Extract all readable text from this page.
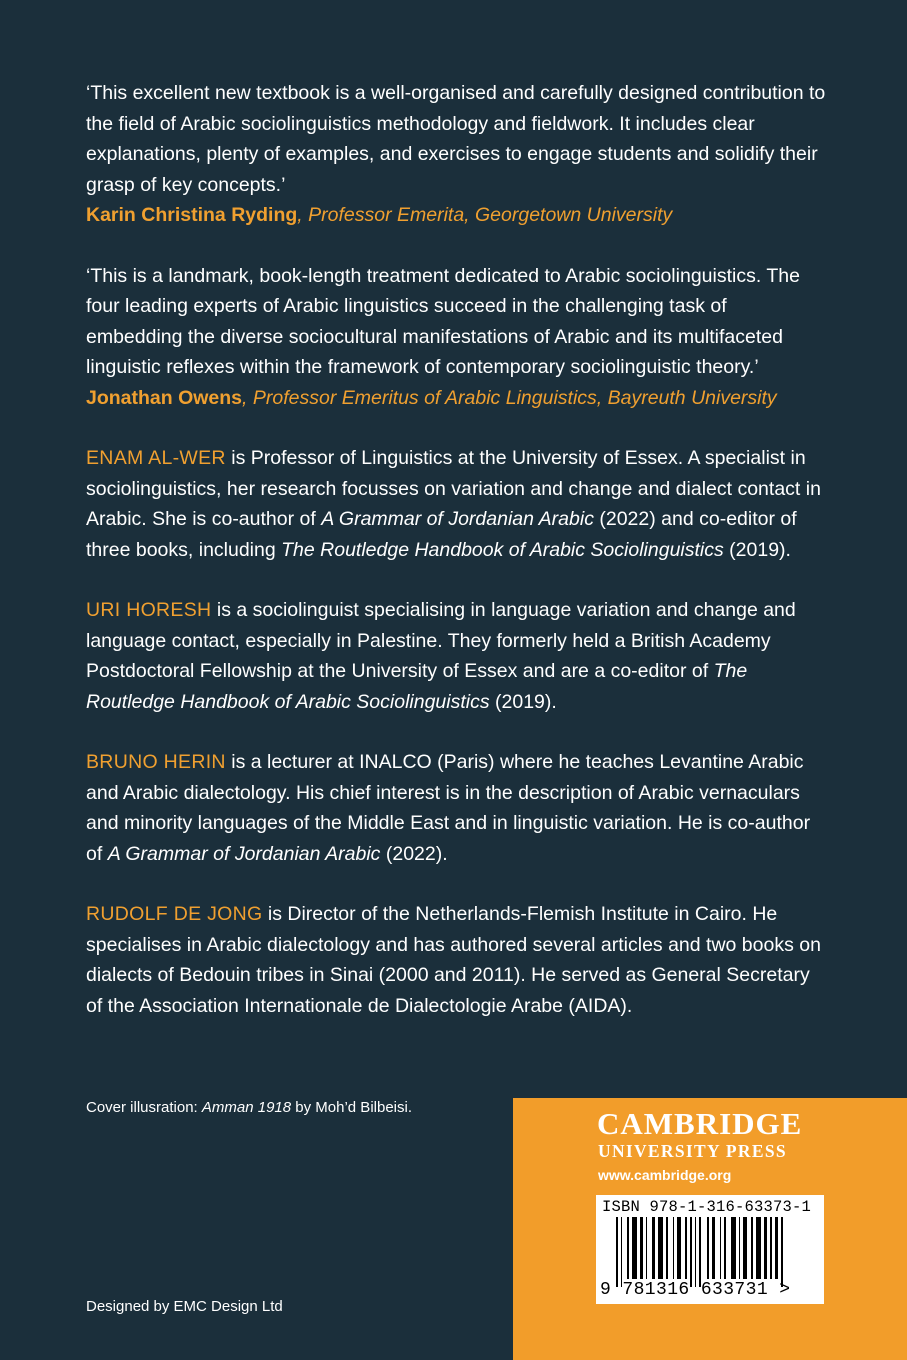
‘This excellent new textbook is a well-organised and carefully designed contribution to the field of Arabic sociolinguistics methodology and fieldwork. It includes clear explanations, plenty of examples, and exercises to engage students and solidify their grasp of key concepts.’
Karin Christina Ryding, Professor Emerita, Georgetown University

‘This is a landmark, book-length treatment dedicated to Arabic sociolinguistics. The four leading experts of Arabic linguistics succeed in the challenging task of embedding the diverse sociocultural manifestations of Arabic and its multifaceted linguistic reflexes within the framework of contemporary sociolinguistic theory.’
Jonathan Owens, Professor Emeritus of Arabic Linguistics, Bayreuth University

ENAM AL-WER is Professor of Linguistics at the University of Essex. A specialist in sociolinguistics, her research focusses on variation and change and dialect contact in Arabic. She is co-author of A Grammar of Jordanian Arabic (2022) and co-editor of three books, including The Routledge Handbook of Arabic Sociolinguistics (2019).

URI HORESH is a sociolinguist specialising in language variation and change and language contact, especially in Palestine. They formerly held a British Academy Postdoctoral Fellowship at the University of Essex and are a co-editor of The Routledge Handbook of Arabic Sociolinguistics (2019).

BRUNO HERIN is a lecturer at INALCO (Paris) where he teaches Levantine Arabic and Arabic dialectology. His chief interest is in the description of Arabic vernaculars and minority languages of the Middle East and in linguistic variation. He is co-author of A Grammar of Jordanian Arabic (2022).

RUDOLF DE JONG is Director of the Netherlands-Flemish Institute in Cairo. He specialises in Arabic dialectology and has authored several articles and two books on dialects of Bedouin tribes in Sinai (2000 and 2011). He served as General Secretary of the Association Internationale de Dialectologie Arabe (AIDA).

Cover illusration: Amman 1918 by Moh’d Bilbeisi.
Designed by EMC Design Ltd
CAMBRIDGE
UNIVERSITY PRESS
www.cambridge.org
ISBN 978-1-316-63373-1
9 781316 633731 >
